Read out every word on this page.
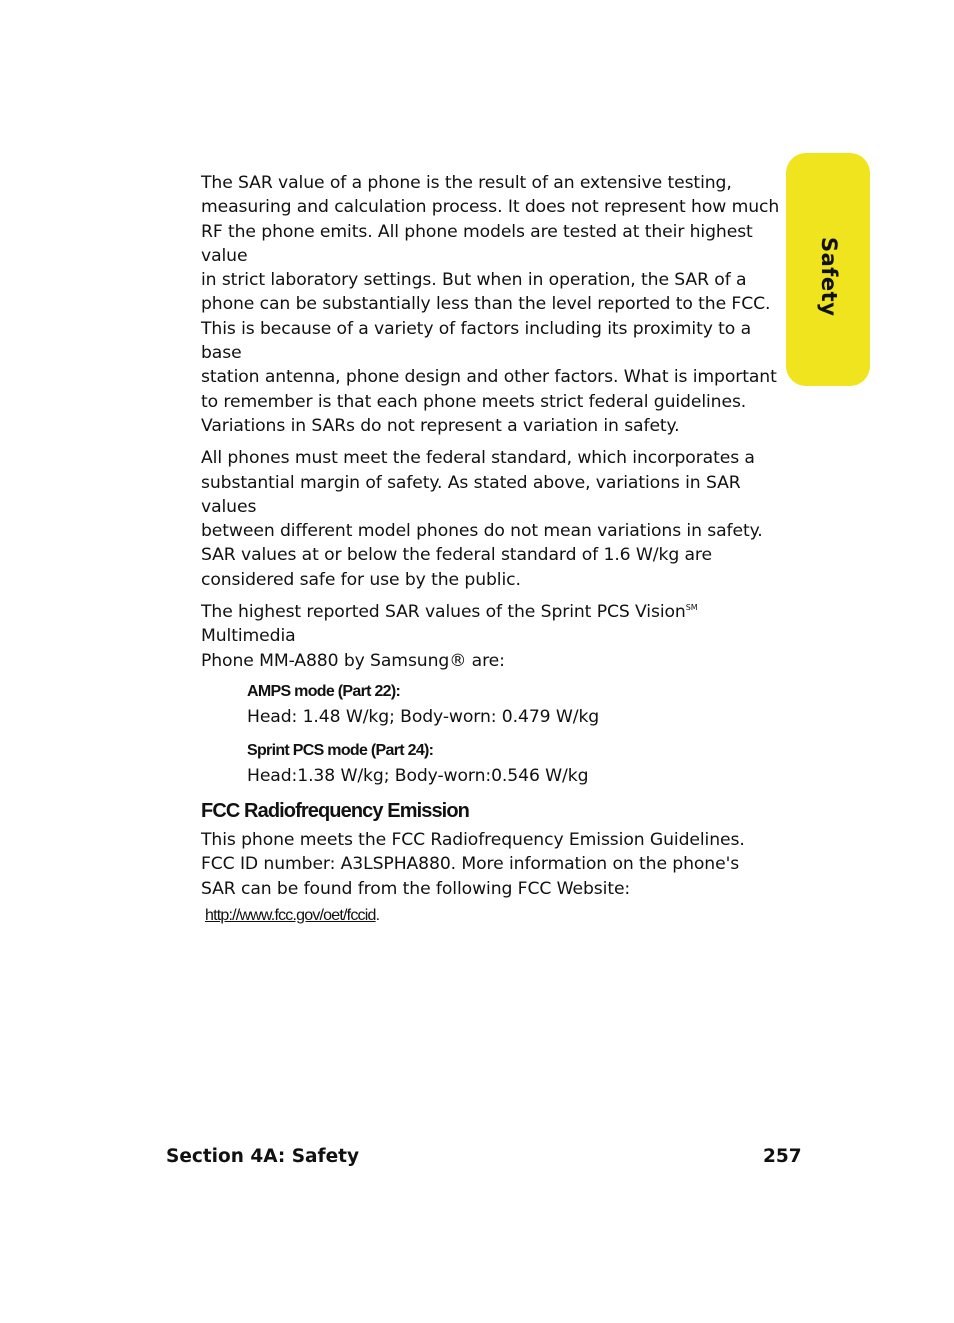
Safety

The SAR value of a phone is the result of an extensive testing,
measuring and calculation process. It does not represent how much
RF the phone emits. All phone models are tested at their highest value
in strict laboratory settings. But when in operation, the SAR of a
phone can be substantially less than the level reported to the FCC.
This is because of a variety of factors including its proximity to a base
station antenna, phone design and other factors. What is important
to remember is that each phone meets strict federal guidelines.
Variations in SARs do not represent a variation in safety.

All phones must meet the federal standard, which incorporates a
substantial margin of safety. As stated above, variations in SAR values
between different model phones do not mean variations in safety.
SAR values at or below the federal standard of 1.6 W/kg are
considered safe for use by the public.

The highest reported SAR values of the Sprint PCS Vision℠ Multimedia
Phone MM-A880 by Samsung® are:

AMPS mode (Part 22):
Head: 1.48 W/kg; Body-worn: 0.479 W/kg
Sprint PCS mode (Part 24):
Head:1.38 W/kg; Body-worn:0.546 W/kg
FCC Radiofrequency Emission

This phone meets the FCC Radiofrequency Emission Guidelines.
FCC ID number: A3LSPHA880. More information on the phone's
SAR can be found from the following FCC Website:

http://www.fcc.gov/oet/fccid.
Section 4A: Safety	257
